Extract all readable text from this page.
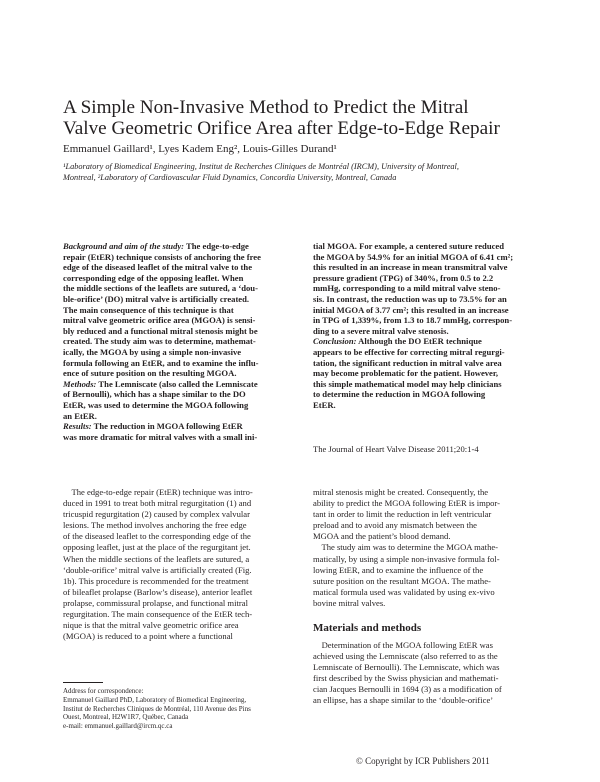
A Simple Non-Invasive Method to Predict the Mitral
Valve Geometric Orifice Area after Edge-to-Edge Repair
Emmanuel Gaillard¹, Lyes Kadem Eng², Louis-Gilles Durand¹
¹Laboratory of Biomedical Engineering, Institut de Recherches Cliniques de Montréal (IRCM), University of Montreal,
Montreal, ²Laboratory of Cardiovascular Fluid Dynamics, Concordia University, Montreal, Canada
Background and aim of the study: The edge-to-edge
repair (EtER) technique consists of anchoring the free
edge of the diseased leaflet of the mitral valve to the
corresponding edge of the opposing leaflet. When
the middle sections of the leaflets are sutured, a ‘dou-
ble-orifice’ (DO) mitral valve is artificially created.
The main consequence of this technique is that
mitral valve geometric orifice area (MGOA) is sensi-
bly reduced and a functional mitral stenosis might be
created. The study aim was to determine, mathemat-
ically, the MGOA by using a simple non-invasive
formula following an EtER, and to examine the influ-
ence of suture position on the resulting MGOA.
Methods: The Lemniscate (also called the Lemniscate
of Bernoulli), which has a shape similar to the DO
EtER, was used to determine the MGOA following
an EtER.
Results: The reduction in MGOA following EtER
was more dramatic for mitral valves with a small ini-
tial MGOA. For example, a centered suture reduced
the MGOA by 54.9% for an initial MGOA of 6.41 cm²;
this resulted in an increase in mean transmitral valve
pressure gradient (TPG) of 340%, from 0.5 to 2.2
mmHg, corresponding to a mild mitral valve steno-
sis. In contrast, the reduction was up to 73.5% for an
initial MGOA of 3.77 cm²; this resulted in an increase
in TPG of 1,339%, from 1.3 to 18.7 mmHg, correspon-
ding to a severe mitral valve stenosis.
Conclusion: Although the DO EtER technique
appears to be effective for correcting mitral regurgi-
tation, the significant reduction in mitral valve area
may become problematic for the patient. However,
this simple mathematical model may help clinicians
to determine the reduction in MGOA following
EtER.
The Journal of Heart Valve Disease 2011;20:1-4
The edge-to-edge repair (EtER) technique was intro-
duced in 1991 to treat both mitral regurgitation (1) and
tricuspid regurgitation (2) caused by complex valvular
lesions. The method involves anchoring the free edge
of the diseased leaflet to the corresponding edge of the
opposing leaflet, just at the place of the regurgitant jet.
When the middle sections of the leaflets are sutured, a
‘double-orifice’ mitral valve is artificially created (Fig.
1b). This procedure is recommended for the treatment
of bileaflet prolapse (Barlow’s disease), anterior leaflet
prolapse, commissural prolapse, and functional mitral
regurgitation. The main consequence of the EtER tech-
nique is that the mitral valve geometric orifice area
(MGOA) is reduced to a point where a functional
mitral stenosis might be created. Consequently, the
ability to predict the MGOA following EtER is impor-
tant in order to limit the reduction in left ventricular
preload and to avoid any mismatch between the
MGOA and the patient’s blood demand.
The study aim was to determine the MGOA mathe-
matically, by using a simple non-invasive formula fol-
lowing EtER, and to examine the influence of the
suture position on the resultant MGOA. The mathe-
matical formula used was validated by using ex-vivo
bovine mitral valves.
Materials and methods
Determination of the MGOA following EtER was
achieved using the Lemniscate (also referred to as the
Lemniscate of Bernoulli). The Lemniscate, which was
first described by the Swiss physician and mathemati-
cian Jacques Bernoulli in 1694 (3) as a modification of
an ellipse, has a shape similar to the ‘double-orifice’
Address for correspondence:
Emmanuel Gaillard PhD, Laboratory of Biomedical Engineering,
Institut de Recherches Cliniques de Montréal, 110 Avenue des Pins
Ouest, Montreal, H2W1R7, Québec, Canada
e-mail: emmanuel.gaillard@ircm.qc.ca
© Copyright by ICR Publishers 2011
